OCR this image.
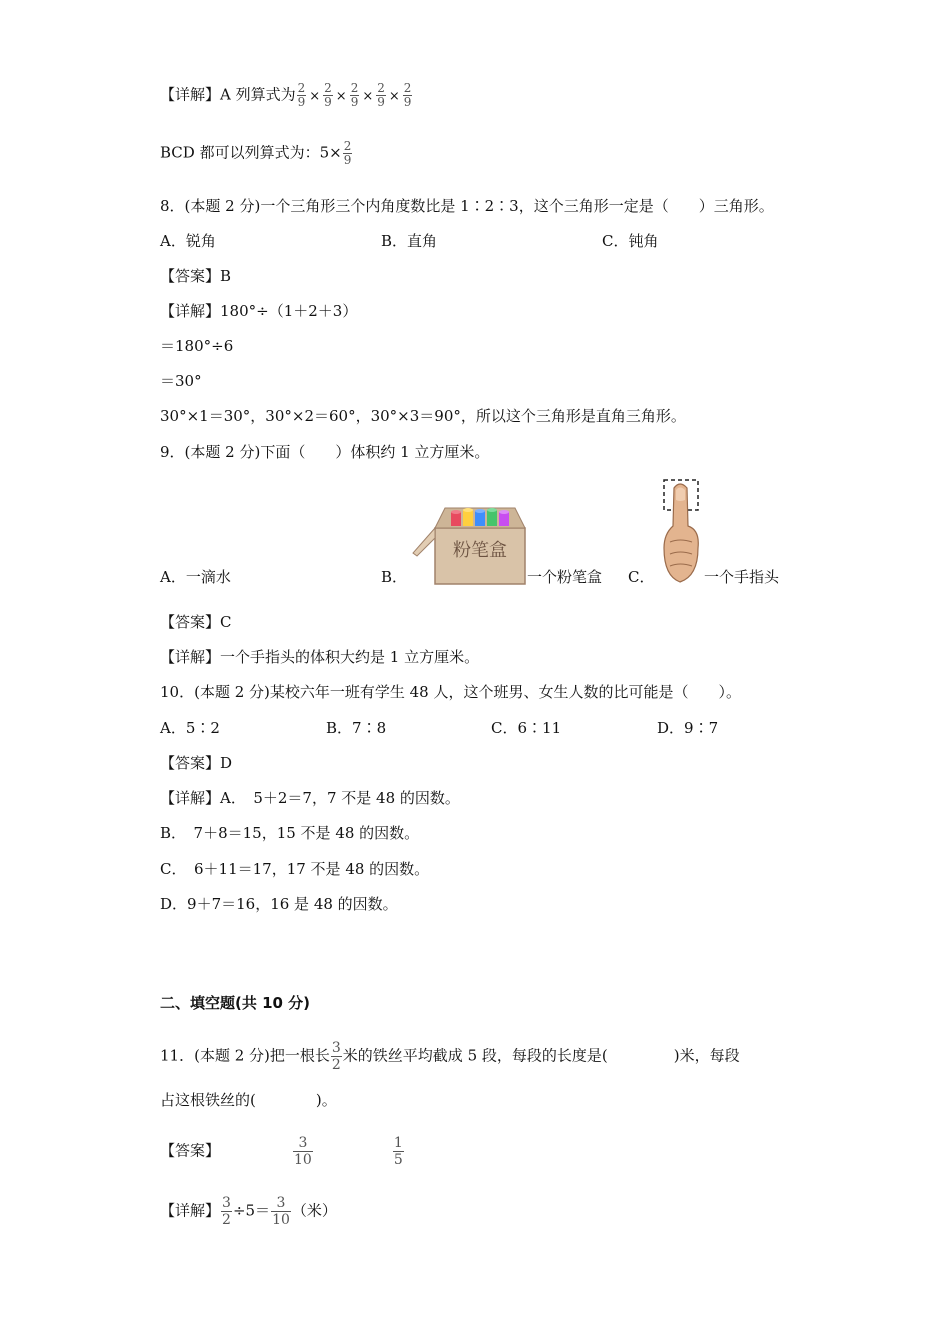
【详解】A 列算式为 $\frac{2}{9} \times \frac{2}{9} \times \frac{2}{9} \times \frac{2}{9} \times \frac{2}{9}$
BCD 都可以列算式为：$5\times \frac{2}{9}$
8．(本题 2 分)一个三角形三个内角度数比是 1∶2∶3，这个三角形一定是（　　）三角形。
A．锐角	B．直角	C．钝角
【答案】B
【详解】180°÷（1＋2＋3）
＝180°÷6
＝30°
30°×1＝30°，30°×2＝60°，30°×3＝90°，所以这个三角形是直角三角形。
9．(本题 2 分)下面（　　）体积约 1 立方厘米。
粉笔盒
A．一滴水	B．	一个粉笔盒 C．	一个手指头
【答案】C
【详解】一个手指头的体积大约是 1 立方厘米。
10．(本题 2 分)某校六年一班有学生 48 人，这个班男、女生人数的比可能是（　　）。
A．5∶2	B．7∶8	C．6∶11	D．9∶7
【答案】D
【详解】A．　5＋2＝7，7 不是 48 的因数。
B．　7＋8＝15，15 不是 48 的因数。
C．　6＋11＝17，17 不是 48 的因数。
D．9＋7＝16，16 是 48 的因数。
二、填空题(共 10 分)
11．(本题 2 分)把一根长 $\frac{3}{2}$ 米的铁丝平均截成 5 段，每段的长度是(	)米，每段
占这根铁丝的(　　　　)。
【答案】	$\frac{3}{10}$	$\frac{1}{5}$
【详解】 $\frac{3}{2} \div 5= \frac{3}{10}$ （米）
